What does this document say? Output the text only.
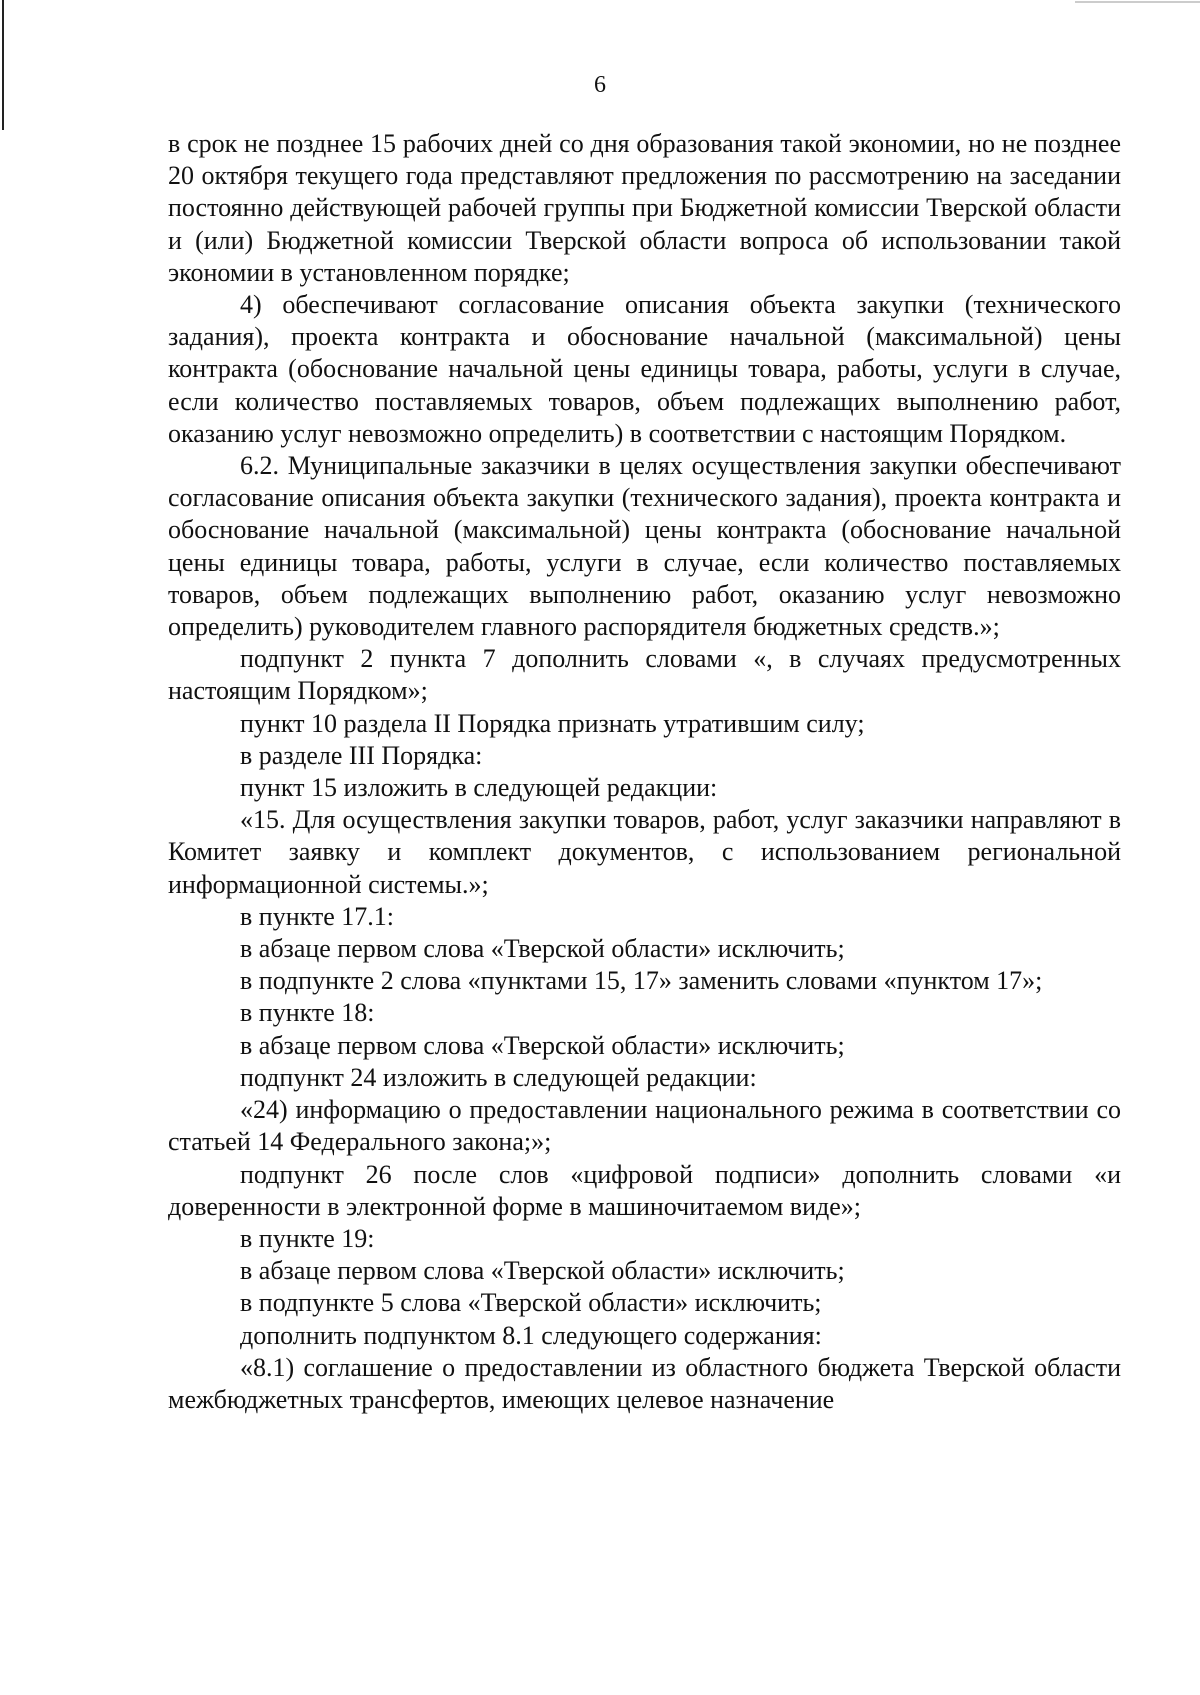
6

в срок не позднее 15 рабочих дней со дня образования такой экономии, но не позднее 20 октября текущего года представляют предложения по рассмотрению на заседании постоянно действующей рабочей группы при Бюджетной комиссии Тверской области и (или) Бюджетной комиссии Тверской области вопроса об использовании такой экономии в установленном порядке;

4) обеспечивают согласование описания объекта закупки (технического задания), проекта контракта и обоснование начальной (максимальной) цены контракта (обоснование начальной цены единицы товара, работы, услуги в случае, если количество поставляемых товаров, объем подлежащих выполнению работ, оказанию услуг невозможно определить) в соответствии с настоящим Порядком.

6.2. Муниципальные заказчики в целях осуществления закупки обеспечивают согласование описания объекта закупки (технического задания), проекта контракта и обоснование начальной (максимальной) цены контракта (обоснование начальной цены единицы товара, работы, услуги в случае, если количество поставляемых товаров, объем подлежащих выполнению работ, оказанию услуг невозможно определить) руководителем главного распорядителя бюджетных средств.»;

подпункт 2 пункта 7 дополнить словами «, в случаях предусмотренных настоящим Порядком»;

пункт 10 раздела II Порядка признать утратившим силу;

в разделе III Порядка:

пункт 15 изложить в следующей редакции:

«15. Для осуществления закупки товаров, работ, услуг заказчики направляют в Комитет заявку и комплект документов, с использованием региональной информационной системы.»;

в пункте 17.1:

в абзаце первом слова «Тверской области» исключить;

в подпункте 2 слова «пунктами 15, 17» заменить словами «пунктом 17»;

в пункте 18:

в абзаце первом слова «Тверской области» исключить;

подпункт 24 изложить в следующей редакции:

«24) информацию о предоставлении национального режима в соответствии со статьей 14 Федерального закона;»;

подпункт 26 после слов «цифровой подписи» дополнить словами «и доверенности в электронной форме в машиночитаемом виде»;

в пункте 19:

в абзаце первом слова «Тверской области» исключить;

в подпункте 5 слова «Тверской области» исключить;

дополнить подпунктом 8.1 следующего содержания:

«8.1) соглашение о предоставлении из областного бюджета Тверской области межбюджетных трансфертов, имеющих целевое назначение
